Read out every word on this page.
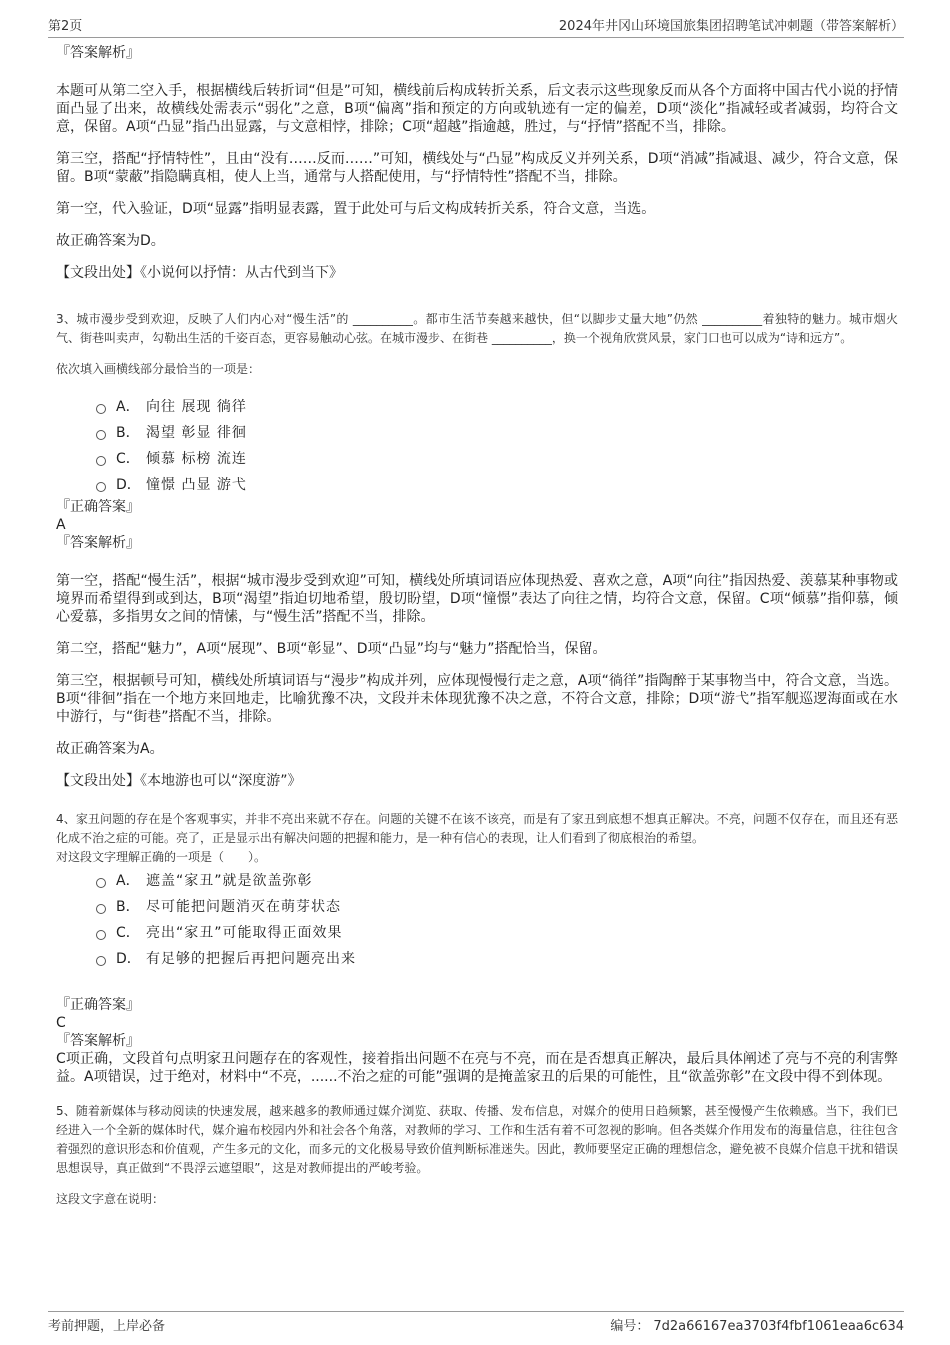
第2页	2024年井冈山环境国旅集团招聘笔试冲刺题（带答案解析）

『答案解析』

本题可从第二空入手，根据横线后转折词“但是”可知，横线前后构成转折关系，后文表示这些现象反而从各个方面将中国古代小说的抒情面凸显了出来，故横线处需表示“弱化”之意，B项“偏离”指和预定的方向或轨迹有一定的偏差，D项“淡化”指减轻或者减弱，均符合文意，保留。A项“凸显”指凸出显露，与文意相悖，排除；C项“超越”指逾越，胜过，与“抒情”搭配不当，排除。

第三空，搭配“抒情特性”，且由“没有……反而……”可知，横线处与“凸显”构成反义并列关系，D项“消减”指减退、减少，符合文意，保留。B项“蒙蔽”指隐瞒真相，使人上当，通常与人搭配使用，与“抒情特性”搭配不当，排除。

第一空，代入验证，D项“显露”指明显表露，置于此处可与后文构成转折关系，符合文意，当选。

故正确答案为D。

【文段出处】《小说何以抒情：从古代到当下》

3、城市漫步受到欢迎，反映了人们内心对“慢生活”的 __________。都市生活节奏越来越快，但“以脚步丈量大地”仍然 __________着独特的魅力。城市烟火气、街巷叫卖声，勾勒出生活的千姿百态，更容易触动心弦。在城市漫步、在街巷 __________，换一个视角欣赏风景，家门口也可以成为“诗和远方”。

依次填入画横线部分最恰当的一项是：

A． 向往 展现 徜徉
B． 渴望 彰显 徘徊
C． 倾慕 标榜 流连
D． 憧憬 凸显 游弋

『正确答案』

A

『答案解析』

第一空，搭配“慢生活”，根据“城市漫步受到欢迎”可知，横线处所填词语应体现热爱、喜欢之意，A项“向往”指因热爱、羡慕某种事物或境界而希望得到或到达，B项“渴望”指迫切地希望，殷切盼望，D项“憧憬”表达了向往之情，均符合文意，保留。C项“倾慕”指仰慕，倾心爱慕，多指男女之间的情愫，与“慢生活”搭配不当，排除。

第二空，搭配“魅力”，A项“展现”、B项“彰显”、D项“凸显”均与“魅力”搭配恰当，保留。

第三空，根据顿号可知，横线处所填词语与“漫步”构成并列，应体现慢慢行走之意，A项“徜徉”指陶醉于某事物当中，符合文意，当选。B项“徘徊”指在一个地方来回地走，比喻犹豫不决，文段并未体现犹豫不决之意，不符合文意，排除；D项“游弋”指军舰巡逻海面或在水中游行，与“街巷”搭配不当，排除。

故正确答案为A。

【文段出处】《本地游也可以“深度游”》

4、家丑问题的存在是个客观事实，并非不亮出来就不存在。问题的关键不在该不该亮，而是有了家丑到底想不想真正解决。不亮，问题不仅存在，而且还有恶化成不治之症的可能。亮了，正是显示出有解决问题的把握和能力，是一种有信心的表现，让人们看到了彻底根治的希望。

对这段文字理解正确的一项是（　　）。

A． 遮盖“家丑”就是欲盖弥彰
B． 尽可能把问题消灭在萌芽状态
C． 亮出“家丑”可能取得正面效果
D． 有足够的把握后再把问题亮出来

『正确答案』

C

『答案解析』

C项正确，文段首句点明家丑问题存在的客观性，接着指出问题不在亮与不亮，而在是否想真正解决，最后具体阐述了亮与不亮的利害弊益。A项错误，过于绝对，材料中“不亮，......不治之症的可能”强调的是掩盖家丑的后果的可能性，且“欲盖弥彰”在文段中得不到体现。

5、随着新媒体与移动阅读的快速发展，越来越多的教师通过媒介浏览、获取、传播、发布信息，对媒介的使用日趋频繁，甚至慢慢产生依赖感。当下，我们已经进入一个全新的媒体时代，媒介遍布校园内外和社会各个角落，对教师的学习、工作和生活有着不可忽视的影响。但各类媒介作用发布的海量信息，往往包含着强烈的意识形态和价值观，产生多元的文化，而多元的文化极易导致价值判断标准迷失。因此，教师要坚定正确的理想信念，避免被不良媒介信息干扰和错误思想误导，真正做到“不畏浮云遮望眼”，这是对教师提出的严峻考验。

这段文字意在说明：

考前押题，上岸必备	编号： 7d2a66167ea3703f4fbf1061eaa6c634
